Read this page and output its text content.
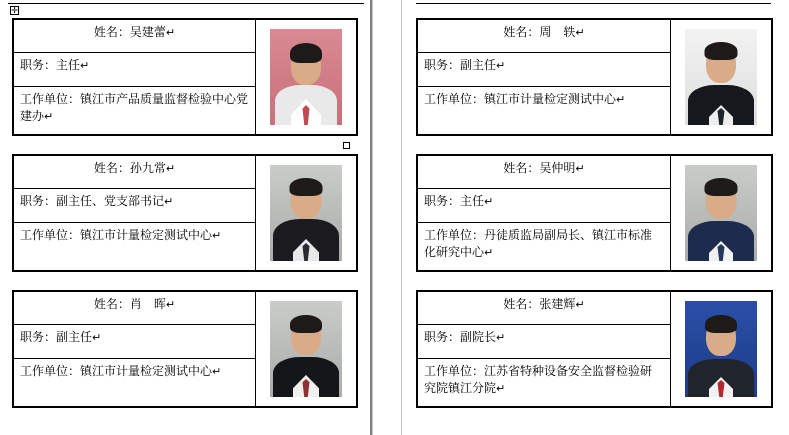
✛
姓名：吴建蕾↵	

职务：主任↵
工作单位：镇江市产品质量监督检验中心党建办↵
姓名：孙九常↵	

职务：副主任、党支部书记↵
工作单位：镇江市计量检定测试中心↵
姓名：肖　晖↵	

职务：副主任↵
工作单位：镇江市计量检定测试中心↵
姓名：周　轶↵	

职务：副主任↵
工作单位：镇江市计量检定测试中心↵
姓名：吴仲明↵	

职务：主任↵
工作单位：丹徒质监局副局长、镇江市标准化研究中心↵
姓名：张建辉↵	

职务：副院长↵
工作单位：江苏省特种设备安全监督检验研究院镇江分院↵
